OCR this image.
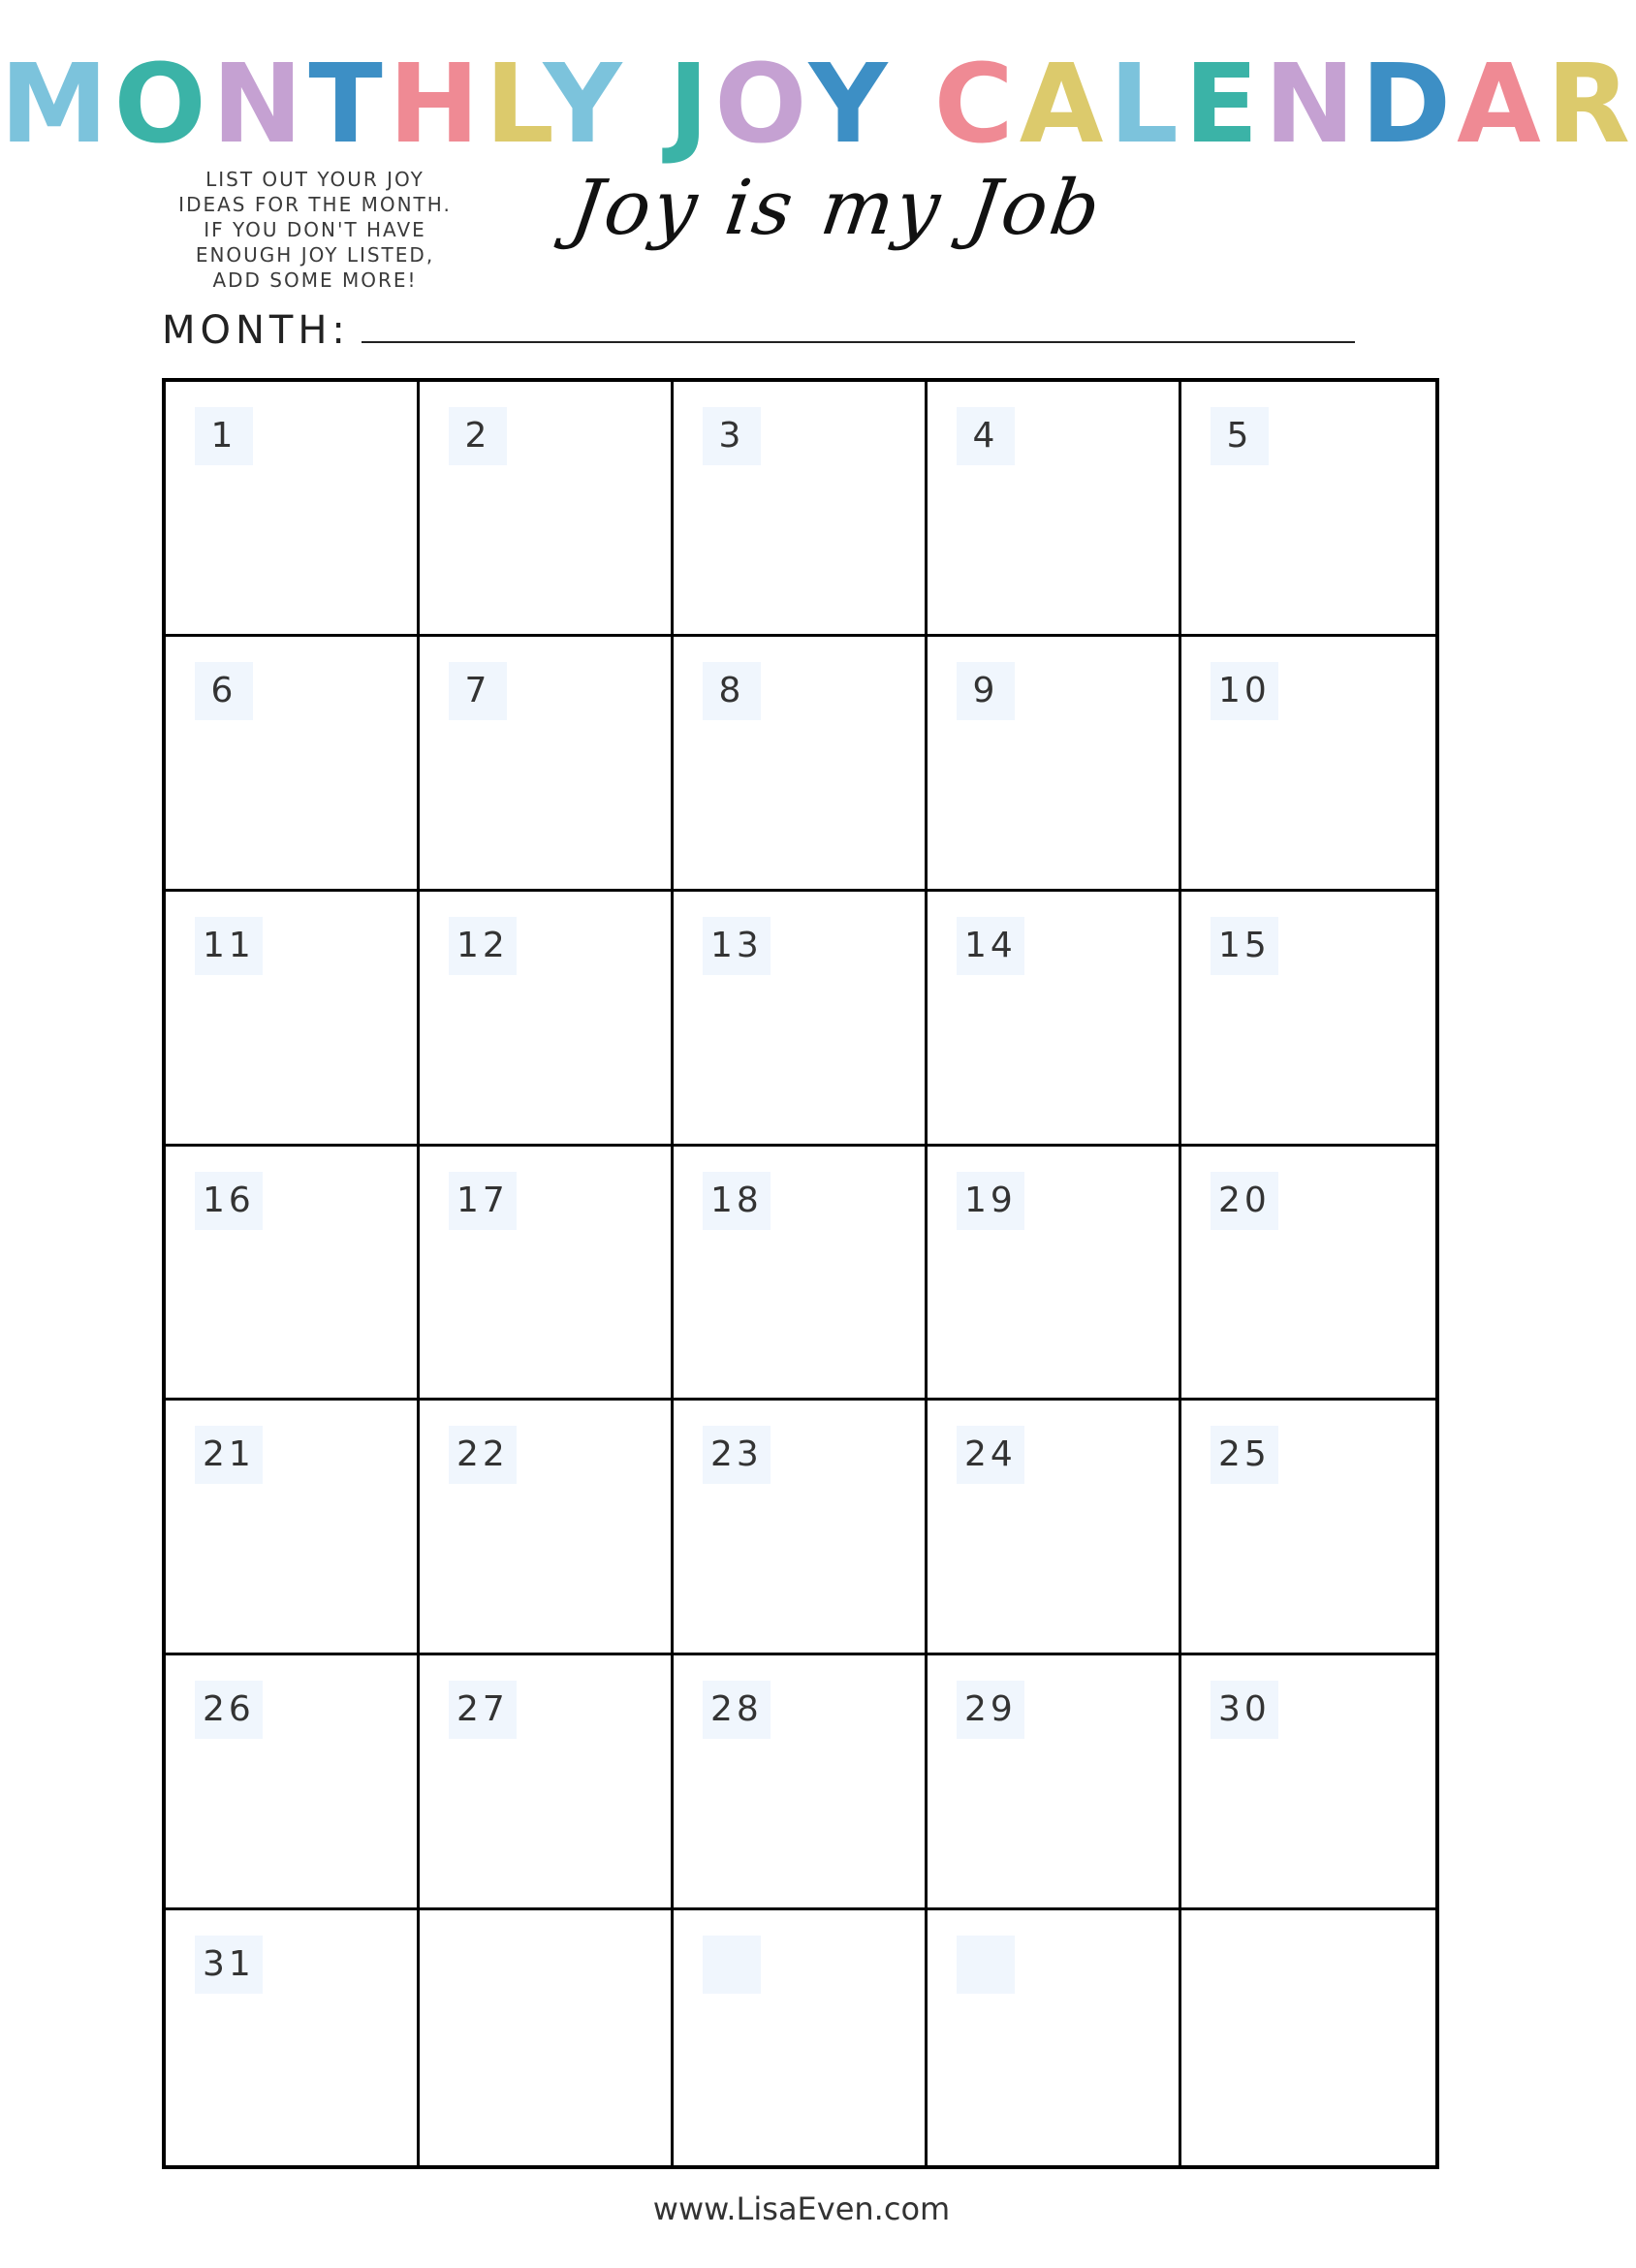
MONTHLY JOY CALENDAR
LIST OUT YOUR JOY
IDEAS FOR THE MONTH.
IF YOU DON'T HAVE
ENOUGH JOY LISTED,
ADD SOME MORE!
Joy is my Job
MONTH:
1	2	3	4	5
6	7	8	9	10
11	12	13	14	15
16	17	18	19	20
21	22	23	24	25
26	27	28	29	30
31
www.LisaEven.com
